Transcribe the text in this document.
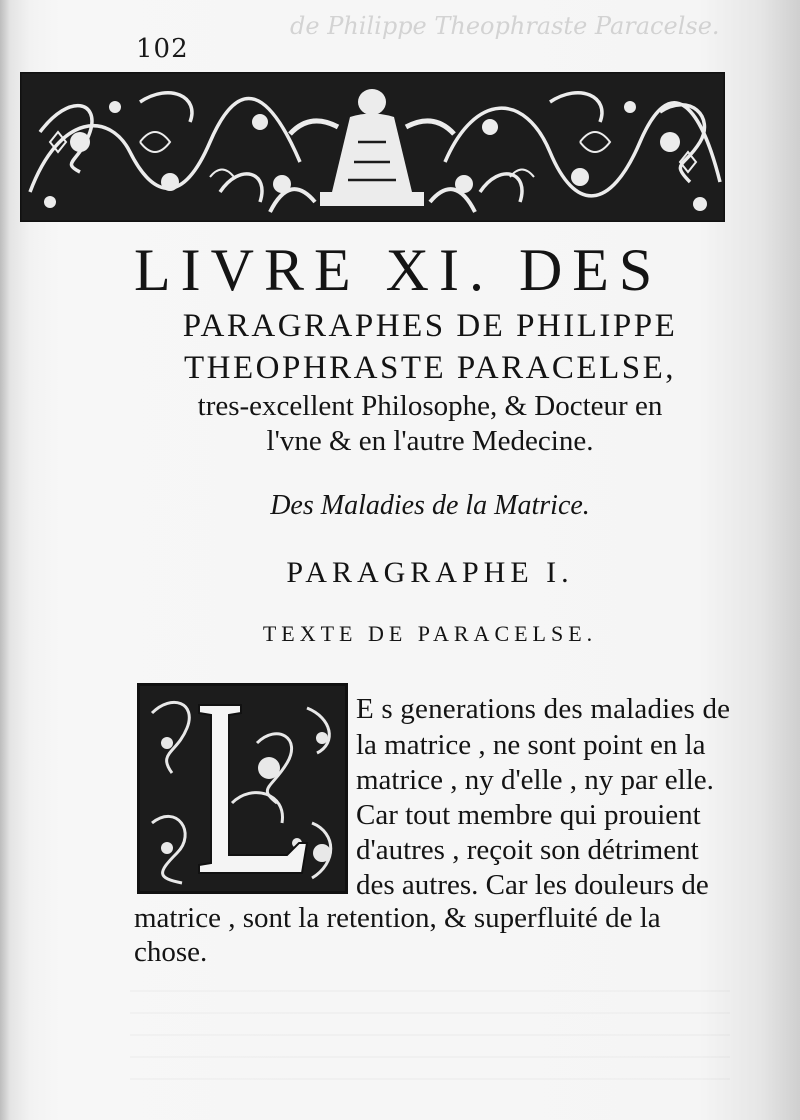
102
de Philippe Theophraste Paracelse.
LIVRE XI. DES
PARAGRAPHES DE PHILIPPE
THEOPHRASTE PARACELSE,
tres-excellent Philosophe, & Docteur en
l'vne & en l'autre Medecine.
Des Maladies de la Matrice.
PARAGRAPHE I.
TEXTE DE PARACELSE.
E s generations des maladies de
la matrice , ne sont point en la
matrice , ny d'elle , ny par elle.
Car tout membre qui prouient
d'autres , reçoit son détriment
des autres. Car les douleurs de
matrice , sont la retention, & superfluité de la
chose.
